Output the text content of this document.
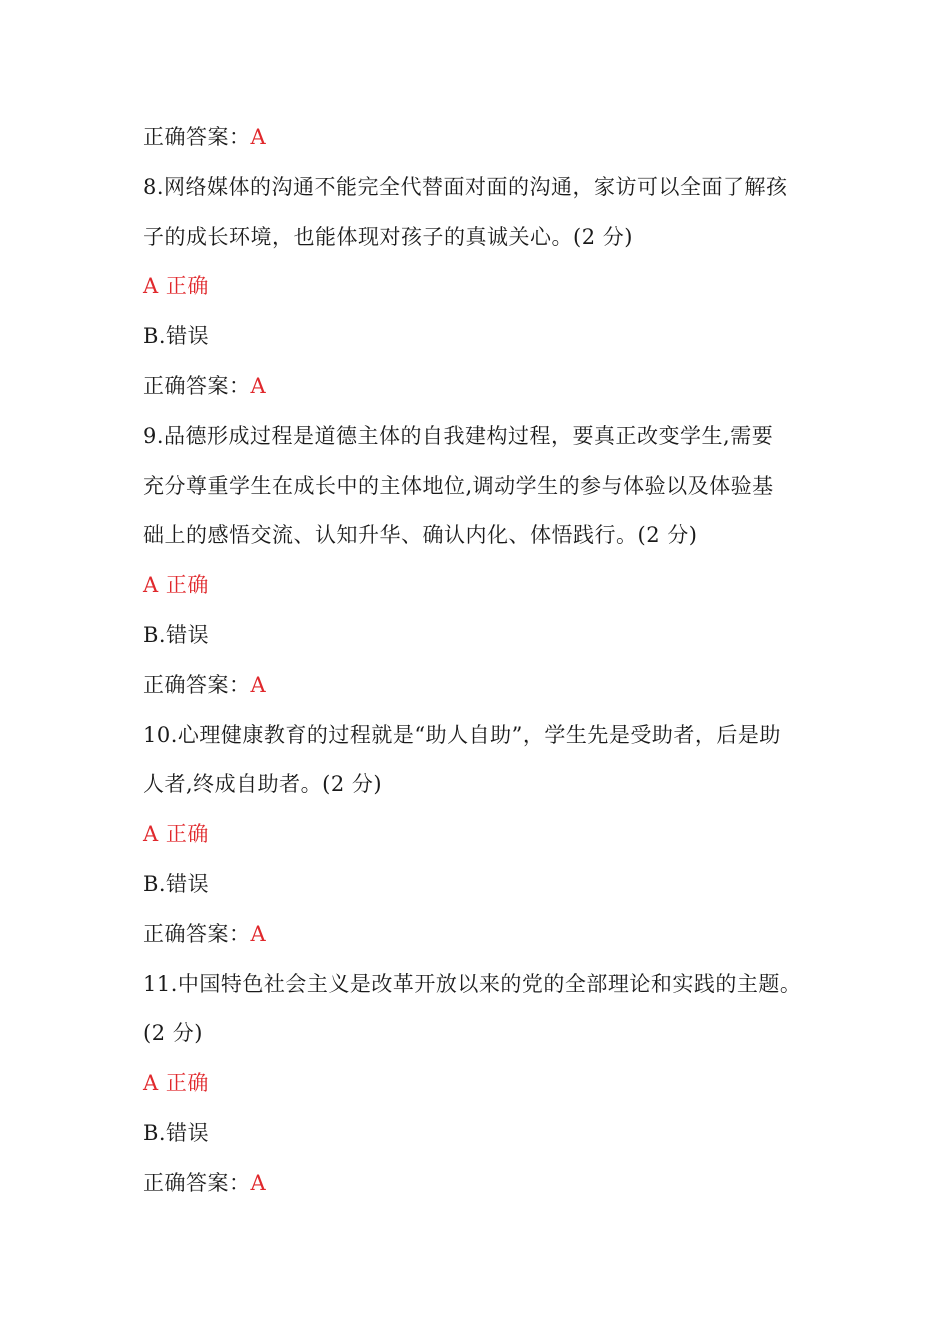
正确答案：A
8.网络媒体的沟通不能完全代替面对面的沟通，家访可以全面了解孩
子的成长环境，也能体现对孩子的真诚关心。(2 分)
A 正确
B.错误
正确答案：A
9.品德形成过程是道德主体的自我建构过程，要真正改变学生,需要
充分尊重学生在成长中的主体地位,调动学生的参与体验以及体验基
础上的感悟交流、认知升华、确认内化、体悟践行。(2 分)
A 正确
B.错误
正确答案：A
10.心理健康教育的过程就是“助人自助”，学生先是受助者，后是助
人者,终成自助者。(2 分)
A 正确
B.错误
正确答案：A
11.中国特色社会主义是改革开放以来的党的全部理论和实践的主题。
(2 分)
A 正确
B.错误
正确答案：A
